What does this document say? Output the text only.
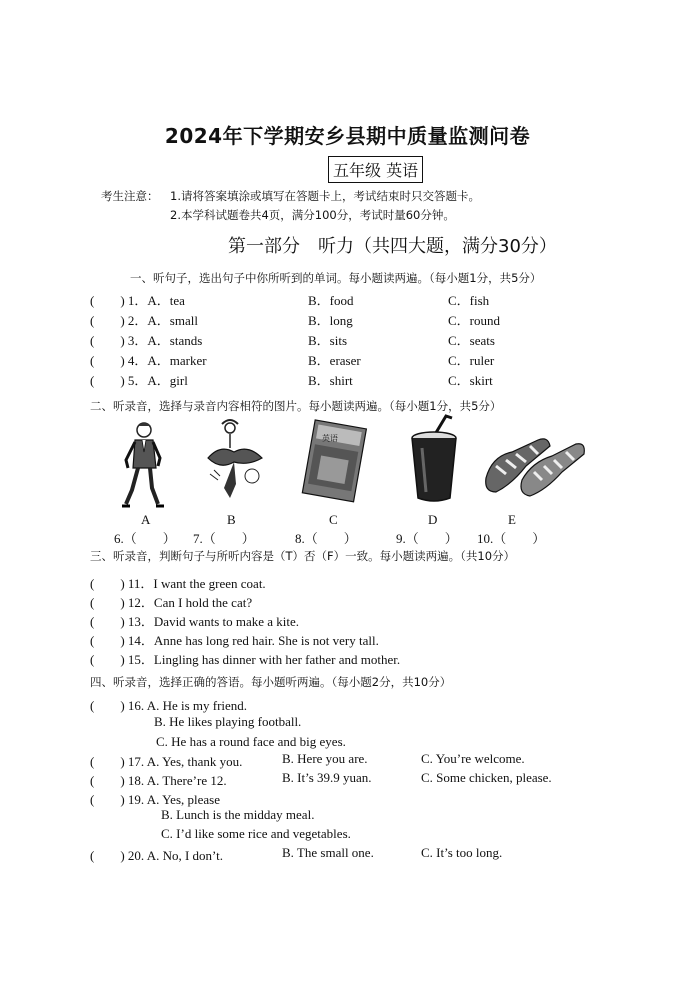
2024年下学期安乡县期中质量监测问卷
五年级 英语
考生注意： 1.请将答案填涂或填写在答题卡上，考试结束时只交答题卡。
2.本学科试题卷共4页，满分100分，考试时量60分钟。
第一部分　听力（共四大题，满分30分）
一、听句子，选出句子中你所听到的单词。每小题读两遍。（每小题1分，共5分）
(　　) 1．A．tea	B．food	C．fish
(　　) 2．A．small	B．long	C．round
(　　) 3．A．stands	B．sits	C．seats
(　　) 4．A．marker	B．eraser	C．ruler
(　　) 5．A．girl	B．shirt	C．skirt
二、听录音，选择与录音内容相符的图片。每小题读两遍。（每小题1分，共5分）
A	B
英语
C	D	E
6.（　　） 7.（　　）	8.（　　）	9.（　　） 10.（　　）
三、听录音，判断句子与所听内容是（T）否（F）一致。每小题读两遍。（共10分）
(　　) 11．I want the green coat.
(　　) 12．Can I hold the cat?
(　　) 13．David wants to make a kite.
(　　) 14．Anne has long red hair. She is not very tall.
(　　) 15．Lingling has dinner with her father and mother.
四、听录音，选择正确的答语。每小题听两遍。（每小题2分，共10分）
(　　) 16. A. He is my friend.
B. He likes playing football.
C. He has a round face and big eyes.
(　　) 17. A. Yes, thank you.	B. Here you are.	C. You’re welcome.
(　　) 18. A. There’re 12.	B. It’s 39.9 yuan.	C. Some chicken, please.
(　　) 19. A. Yes, please
B. Lunch is the midday meal.
C. I’d like some rice and vegetables.
(　　) 20. A. No, I don’t.	B. The small one.	C. It’s too long.
